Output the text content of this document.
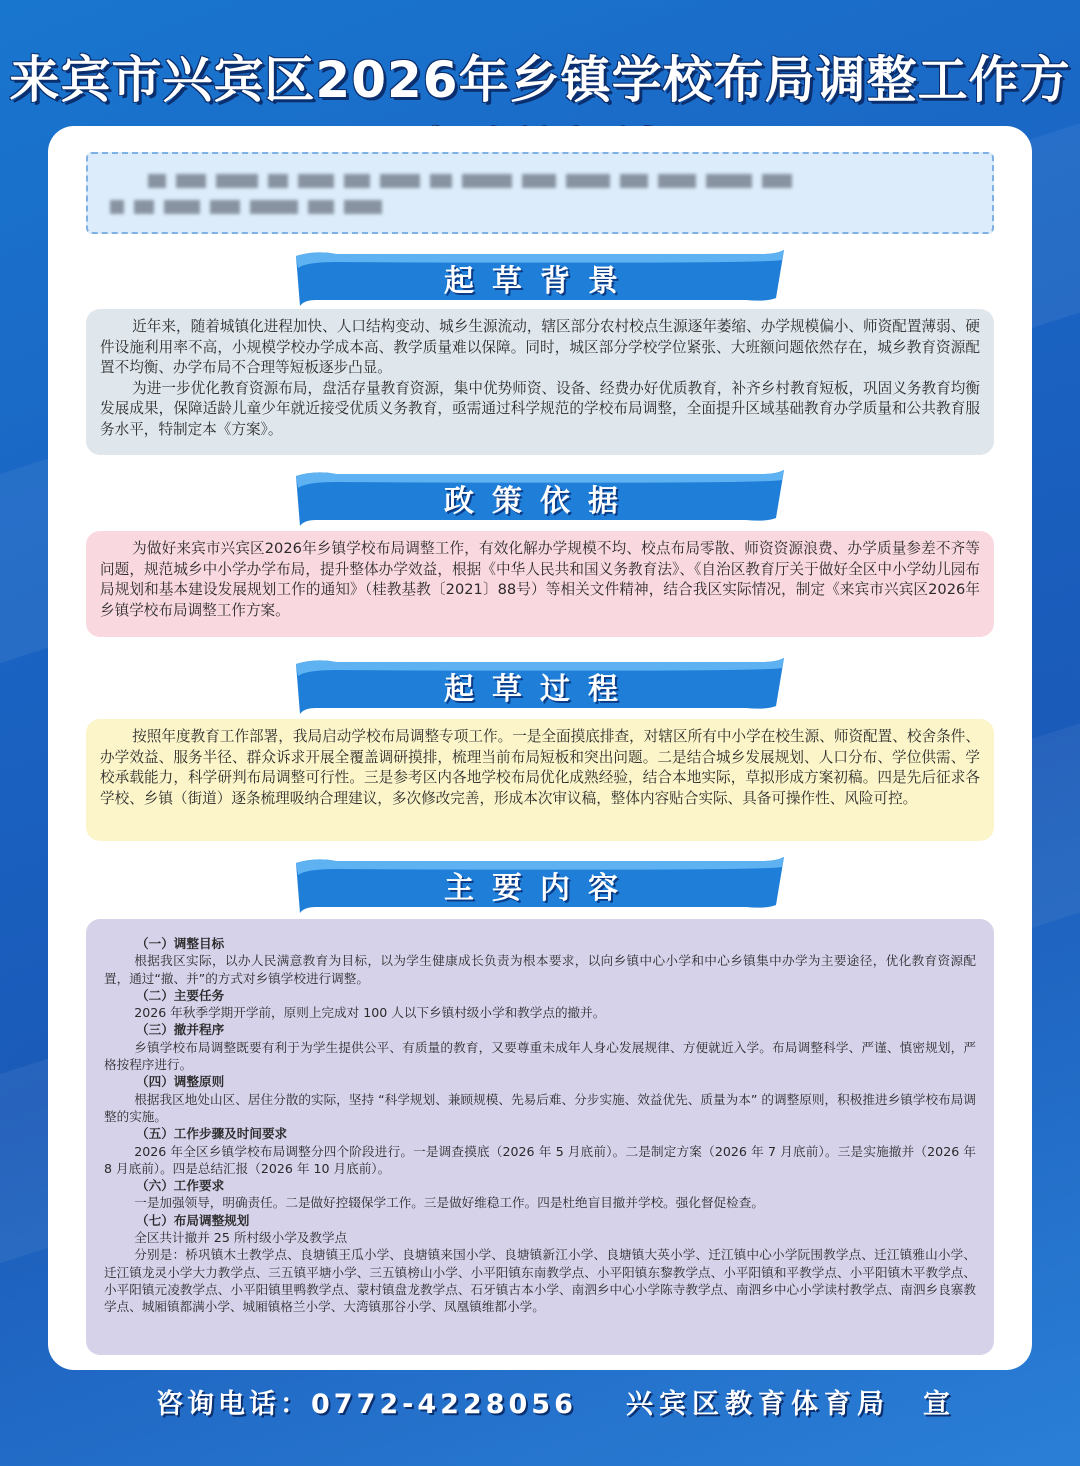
来宾市兴宾区2026年乡镇学校布局调整工作方
起草背景

近年来，随着城镇化进程加快、人口结构变动、城乡生源流动，辖区部分农村校点生源逐年萎缩、办学规模偏小、师资配置薄弱、硬件设施利用率不高，小规模学校办学成本高、教学质量难以保障。同时，城区部分学校学位紧张、大班额问题依然存在，城乡教育资源配置不均衡、办学布局不合理等短板逐步凸显。

为进一步优化教育资源布局，盘活存量教育资源，集中优势师资、设备、经费办好优质教育，补齐乡村教育短板，巩固义务教育均衡发展成果，保障适龄儿童少年就近接受优质义务教育，亟需通过科学规范的学校布局调整，全面提升区域基础教育办学质量和公共教育服务水平，特制定本《方案》。

政策依据

为做好来宾市兴宾区2026年乡镇学校布局调整工作，有效化解办学规模不均、校点布局零散、师资资源浪费、办学质量参差不齐等问题，规范城乡中小学办学布局，提升整体办学效益，根据《中华人民共和国义务教育法》、《自治区教育厅关于做好全区中小学幼儿园布局规划和基本建设发展规划工作的通知》（桂教基教〔2021〕88号）等相关文件精神，结合我区实际情况，制定《来宾市兴宾区2026年乡镇学校布局调整工作方案。

起草过程

按照年度教育工作部署，我局启动学校布局调整专项工作。一是全面摸底排查，对辖区所有中小学在校生源、师资配置、校舍条件、办学效益、服务半径、群众诉求开展全覆盖调研摸排，梳理当前布局短板和突出问题。二是结合城乡发展规划、人口分布、学位供需、学校承载能力，科学研判布局调整可行性。三是参考区内各地学校布局优化成熟经验，结合本地实际，草拟形成方案初稿。四是先后征求各学校、乡镇（街道）逐条梳理吸纳合理建议，多次修改完善，形成本次审议稿，整体内容贴合实际、具备可操作性、风险可控。

主要内容
（一）调整目标
根据我区实际，以办人民满意教育为目标，以为学生健康成长负责为根本要求，以向乡镇中心小学和中心乡镇集中办学为主要途径，优化教育资源配置，通过“撤、并”的方式对乡镇学校进行调整。
（二）主要任务
2026 年秋季学期开学前，原则上完成对 100 人以下乡镇村级小学和教学点的撤并。
（三）撤并程序
乡镇学校布局调整既要有利于为学生提供公平、有质量的教育，又要尊重未成年人身心发展规律、方便就近入学。布局调整科学、严谨、慎密规划，严格按程序进行。
（四）调整原则
根据我区地处山区、居住分散的实际，坚持 “科学规划、兼顾规模、先易后难、分步实施、效益优先、质量为本” 的调整原则，积极推进乡镇学校布局调整的实施。
（五）工作步骤及时间要求
2026 年全区乡镇学校布局调整分四个阶段进行。一是调查摸底（2026 年 5 月底前）。二是制定方案（2026 年 7 月底前）。三是实施撤并（2026 年 8 月底前）。四是总结汇报（2026 年 10 月底前）。
（六）工作要求
一是加强领导，明确责任。二是做好控辍保学工作。三是做好维稳工作。四是杜绝盲目撤并学校。强化督促检查。
（七）布局调整规划
全区共计撤并 25 所村级小学及教学点
分别是：桥巩镇木土教学点、良塘镇王瓜小学、良塘镇来国小学、良塘镇新江小学、良塘镇大英小学、迁江镇中心小学阮围教学点、迁江镇雅山小学、迁江镇龙灵小学大力教学点、三五镇平塘小学、三五镇榜山小学、小平阳镇东南教学点、小平阳镇东黎教学点、小平阳镇和平教学点、小平阳镇木平教学点、小平阳镇元凌教学点、小平阳镇里鸭教学点、蒙村镇盘龙教学点、石牙镇古本小学、南泗乡中心小学陈寺教学点、南泗乡中心小学读村教学点、南泗乡良寨教学点、城厢镇都满小学、城厢镇格兰小学、大湾镇那谷小学、凤凰镇维都小学。
咨询电话：0772-4228056 兴宾区教育体育局　宣
